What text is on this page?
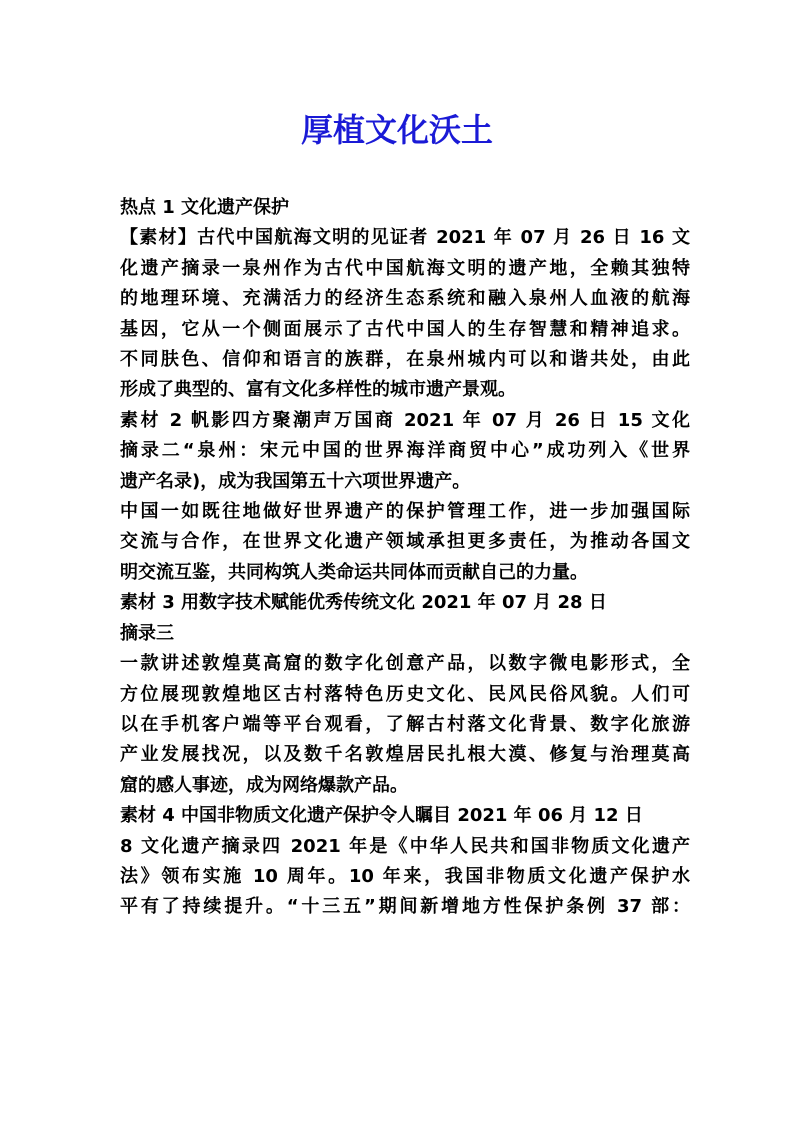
厚植文化沃土

热点 1 文化遗产保护

【素材】古代中国航海文明的见证者 2021 年 07 月 26 日 16 文

化遗产摘录一泉州作为古代中国航海文明的遗产地，全赖其独特

的地理环境、充满活力的经济生态系统和融入泉州人血液的航海

基因，它从一个侧面展示了古代中国人的生存智慧和精神追求。

不同肤色、信仰和语言的族群，在泉州城内可以和谐共处，由此

形成了典型的、富有文化多样性的城市遗产景观。

素材 2 帆影四方聚潮声万国商 2021 年 07 月 26 日 15 文化

摘录二“泉州：宋元中国的世界海洋商贸中心”成功列入《世界

遗产名录)，成为我国第五十六项世界遗产。

中国一如既往地做好世界遗产的保护管理工作，进一步加强国际

交流与合作，在世界文化遗产领域承担更多责任，为推动各国文

明交流互鉴，共同构筑人类命运共同体而贡献自己的力量。

素材 3 用数字技术赋能优秀传统文化 2021 年 07 月 28 日

摘录三

一款讲述敦煌莫高窟的数字化创意产品，以数字微电影形式，全

方位展现敦煌地区古村落特色历史文化、民风民俗风貌。人们可

以在手机客户端等平台观看，了解古村落文化背景、数字化旅游

产业发展找况，以及数千名敦煌居民扎根大漠、修复与治理莫高

窟的感人事迹，成为网络爆款产品。

素材 4 中国非物质文化遗产保护令人瞩目 2021 年 06 月 12 日

8 文化遗产摘录四 2021 年是《中华人民共和国非物质文化遗产

法》领布实施 10 周年。10 年来，我国非物质文化遗产保护水

平有了持续提升。“十三五”期间新增地方性保护条例 37 部：
